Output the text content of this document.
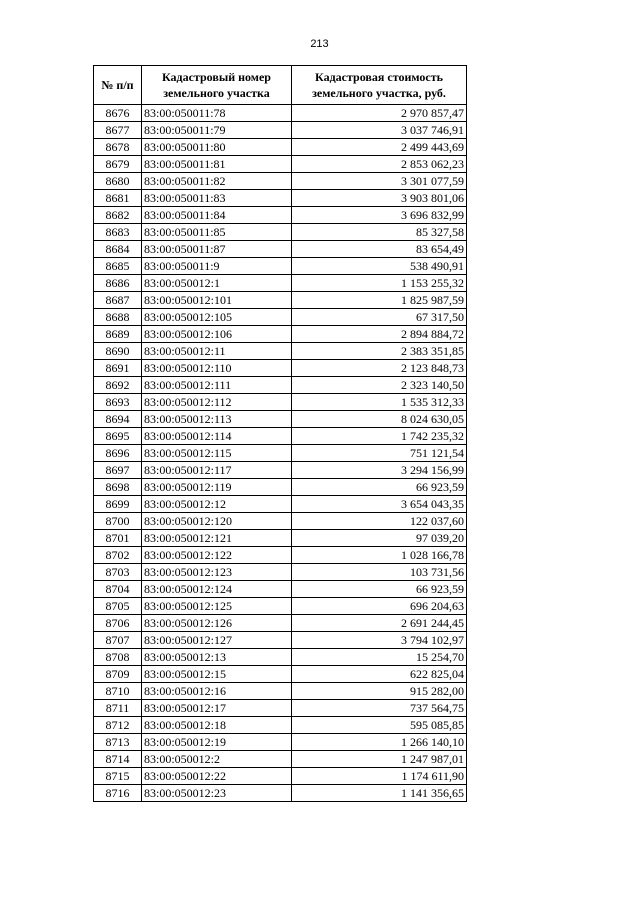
213
№ п/п	Кадастровый номер земельного участка	Кадастровая стоимость земельного участка, руб.
8676	83:00:050011:78	2 970 857,47
8677	83:00:050011:79	3 037 746,91
8678	83:00:050011:80	2 499 443,69
8679	83:00:050011:81	2 853 062,23
8680	83:00:050011:82	3 301 077,59
8681	83:00:050011:83	3 903 801,06
8682	83:00:050011:84	3 696 832,99
8683	83:00:050011:85	85 327,58
8684	83:00:050011:87	83 654,49
8685	83:00:050011:9	538 490,91
8686	83:00:050012:1	1 153 255,32
8687	83:00:050012:101	1 825 987,59
8688	83:00:050012:105	67 317,50
8689	83:00:050012:106	2 894 884,72
8690	83:00:050012:11	2 383 351,85
8691	83:00:050012:110	2 123 848,73
8692	83:00:050012:111	2 323 140,50
8693	83:00:050012:112	1 535 312,33
8694	83:00:050012:113	8 024 630,05
8695	83:00:050012:114	1 742 235,32
8696	83:00:050012:115	751 121,54
8697	83:00:050012:117	3 294 156,99
8698	83:00:050012:119	66 923,59
8699	83:00:050012:12	3 654 043,35
8700	83:00:050012:120	122 037,60
8701	83:00:050012:121	97 039,20
8702	83:00:050012:122	1 028 166,78
8703	83:00:050012:123	103 731,56
8704	83:00:050012:124	66 923,59
8705	83:00:050012:125	696 204,63
8706	83:00:050012:126	2 691 244,45
8707	83:00:050012:127	3 794 102,97
8708	83:00:050012:13	15 254,70
8709	83:00:050012:15	622 825,04
8710	83:00:050012:16	915 282,00
8711	83:00:050012:17	737 564,75
8712	83:00:050012:18	595 085,85
8713	83:00:050012:19	1 266 140,10
8714	83:00:050012:2	1 247 987,01
8715	83:00:050012:22	1 174 611,90
8716	83:00:050012:23	1 141 356,65
